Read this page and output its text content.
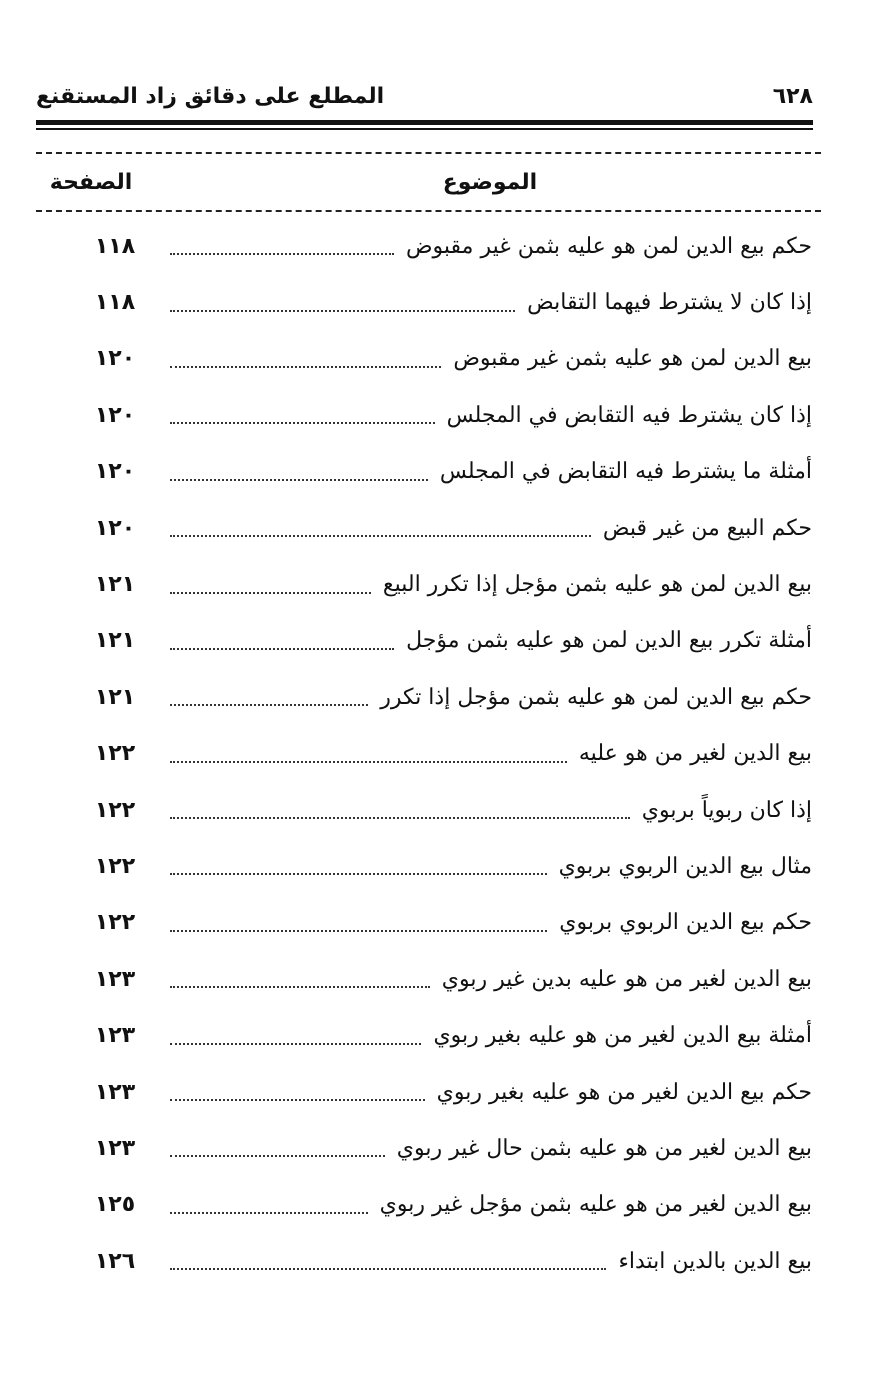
٦٢٨
المطلع على دقائق زاد المستقنع
الموضوع
الصفحة
حكم بيع الدين لمن هو عليه بثمن غير مقبوض
١١٨
إذا كان لا يشترط فيهما التقابض
١١٨
بيع الدين لمن هو عليه بثمن غير مقبوض
١٢٠
إذا كان يشترط فيه التقابض في المجلس
١٢٠
أمثلة ما يشترط فيه التقابض في المجلس
١٢٠
حكم البيع من غير قبض
١٢٠
بيع الدين لمن هو عليه بثمن مؤجل إذا تكرر البيع
١٢١
أمثلة تكرر بيع الدين لمن هو عليه بثمن مؤجل
١٢١
حكم بيع الدين لمن هو عليه بثمن مؤجل إذا تكرر
١٢١
بيع الدين لغير من هو عليه
١٢٢
إذا كان ربوياً بربوي
١٢٢
مثال بيع الدين الربوي بربوي
١٢٢
حكم بيع الدين الربوي بربوي
١٢٢
بيع الدين لغير من هو عليه بدين غير ربوي
١٢٣
أمثلة بيع الدين لغير من هو عليه بغير ربوي
١٢٣
حكم بيع الدين لغير من هو عليه بغير ربوي
١٢٣
بيع الدين لغير من هو عليه بثمن حال غير ربوي
١٢٣
بيع الدين لغير من هو عليه بثمن مؤجل غير ربوي
١٢٥
بيع الدين بالدين ابتداء
١٢٦
